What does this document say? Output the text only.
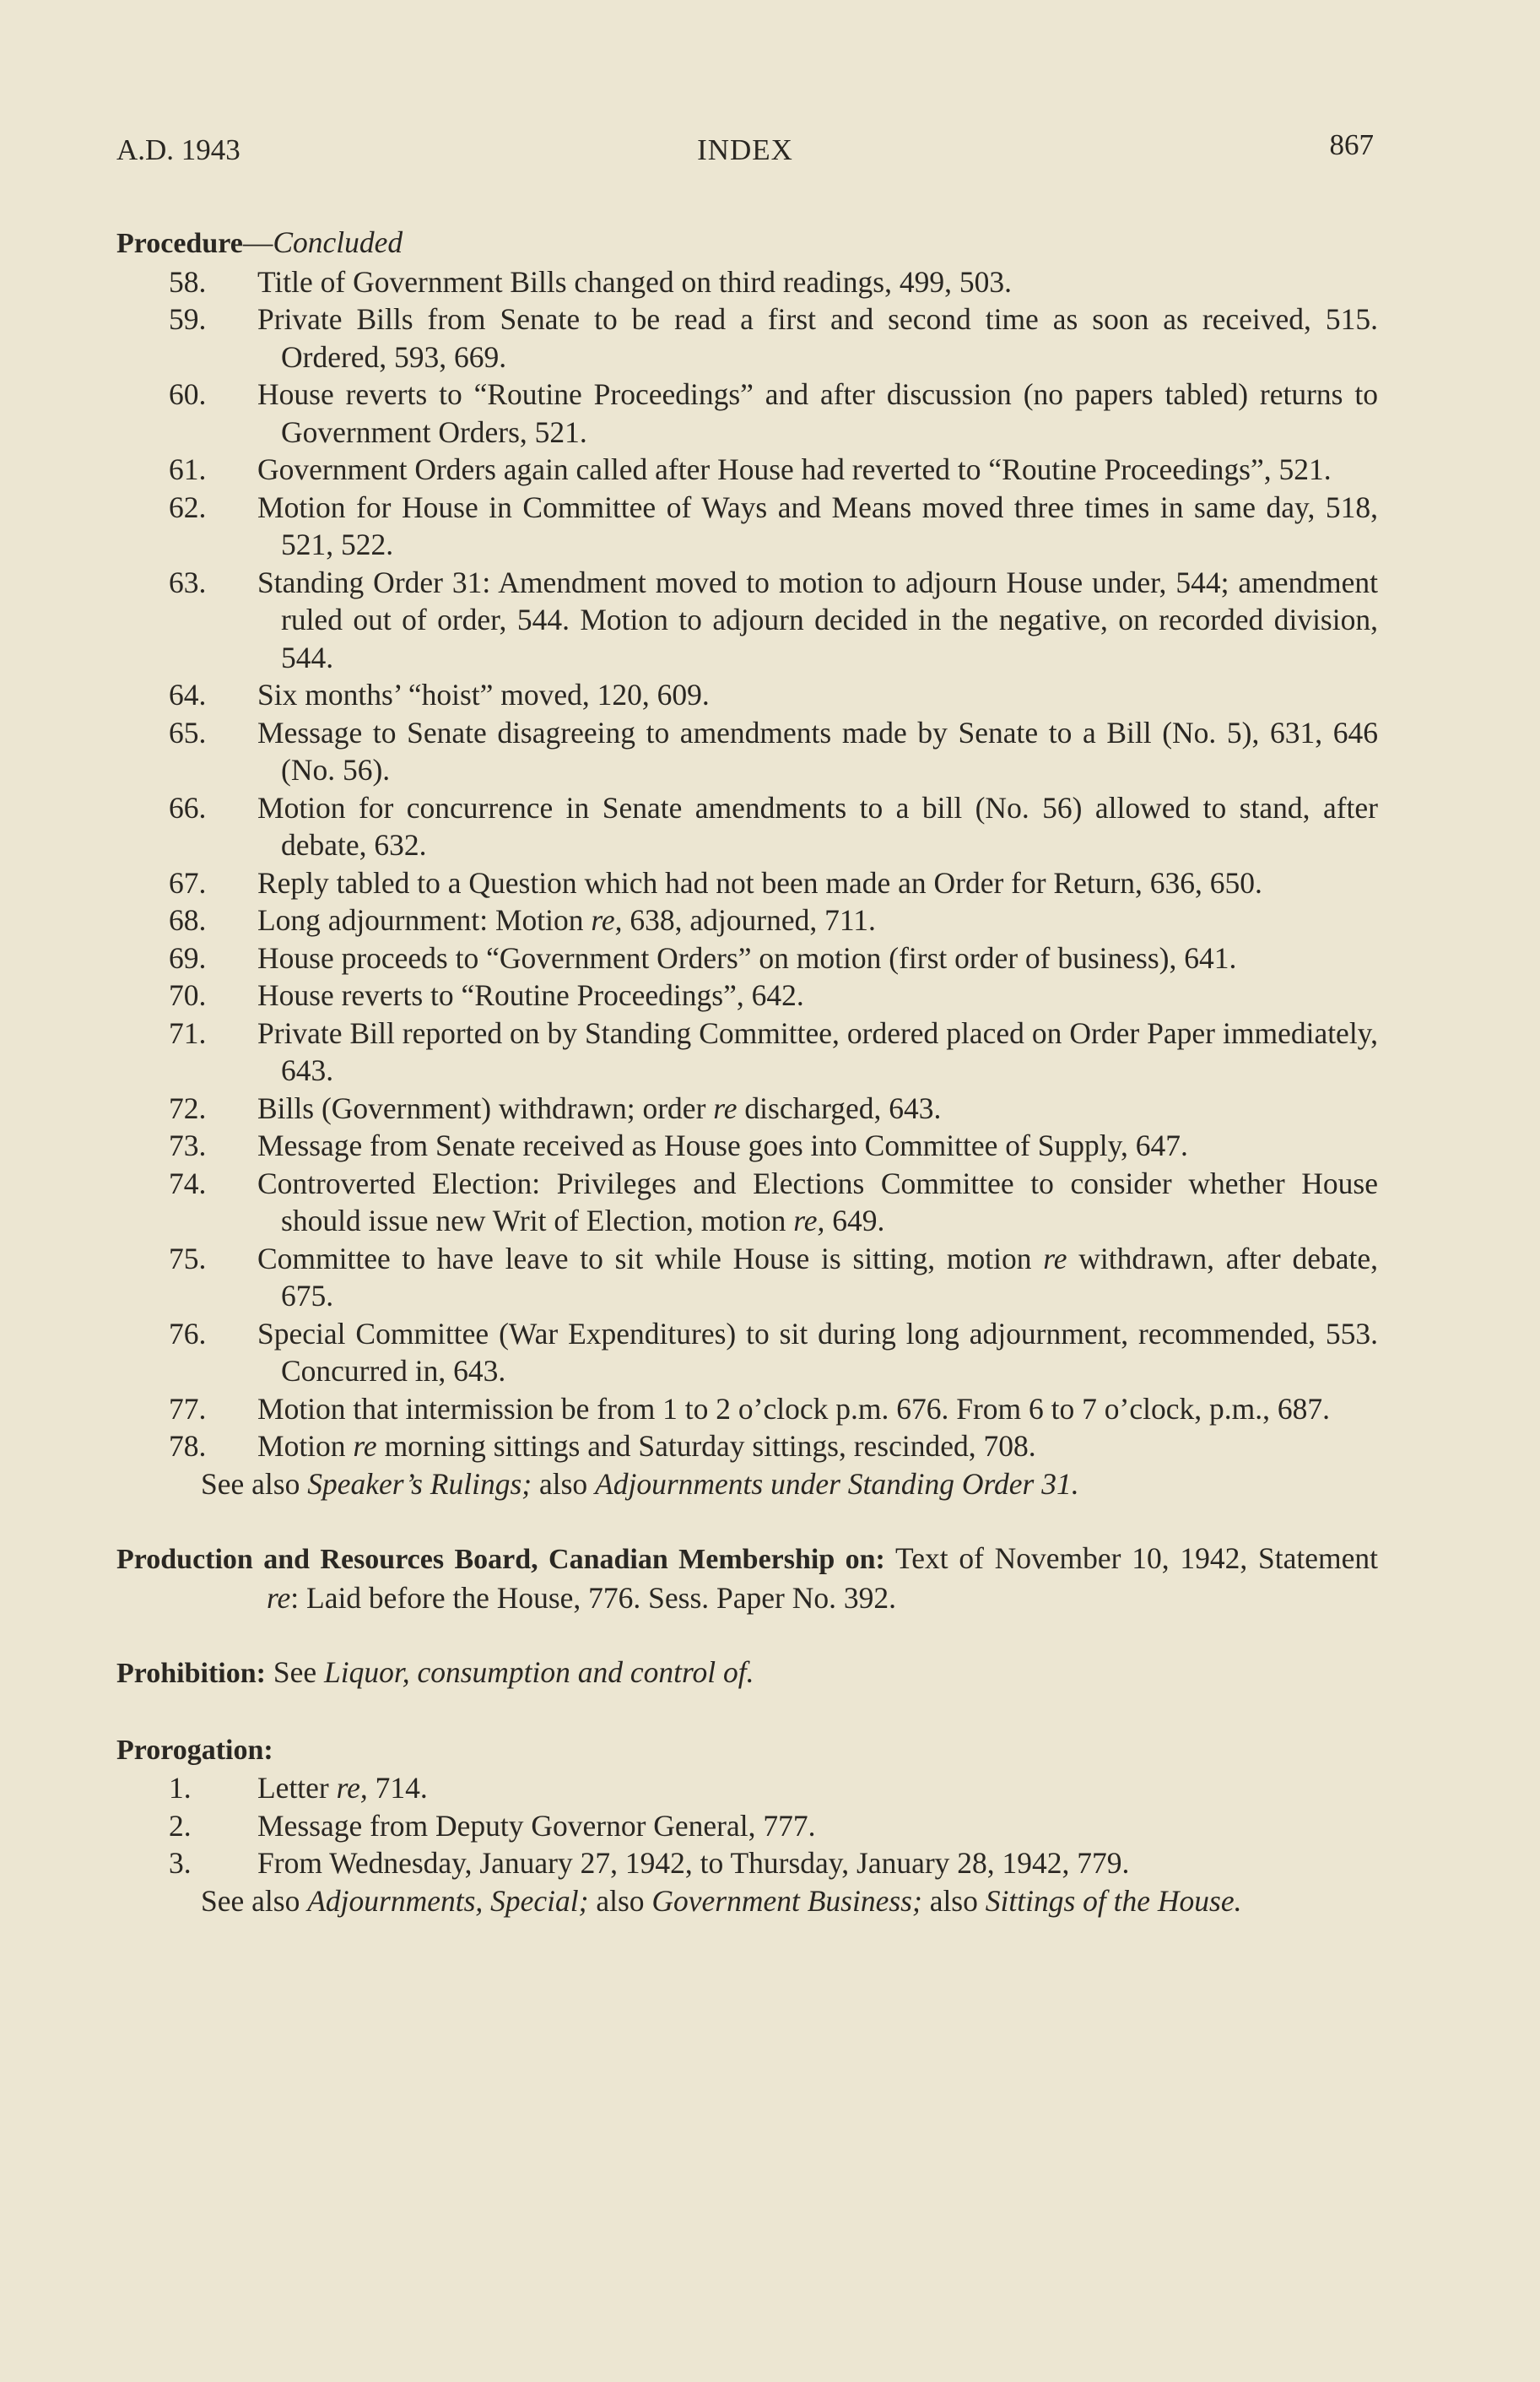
A.D. 1943	INDEX	867

Procedure—Concluded

58.	Title of Government Bills changed on third readings, 499, 503.
59.	Private Bills from Senate to be read a first and second time as soon as received, 515. Ordered, 593, 669.
60.	House reverts to “Routine Proceedings” and after discussion (no papers tabled) returns to Government Orders, 521.
61.	Government Orders again called after House had reverted to “Routine Proceedings”, 521.
62.	Motion for House in Committee of Ways and Means moved three times in same day, 518, 521, 522.
63.	Standing Order 31: Amendment moved to motion to adjourn House under, 544; amendment ruled out of order, 544. Motion to adjourn decided in the negative, on recorded division, 544.
64.	Six months’ “hoist” moved, 120, 609.
65.	Message to Senate disagreeing to amendments made by Senate to a Bill (No. 5), 631, 646 (No. 56).
66.	Motion for concurrence in Senate amendments to a bill (No. 56) allowed to stand, after debate, 632.
67.	Reply tabled to a Question which had not been made an Order for Return, 636, 650.
68.	Long adjournment: Motion re, 638, adjourned, 711.
69.	House proceeds to “Government Orders” on motion (first order of business), 641.
70.	House reverts to “Routine Proceedings”, 642.
71.	Private Bill reported on by Standing Committee, ordered placed on Order Paper immediately, 643.
72.	Bills (Government) withdrawn; order re discharged, 643.
73.	Message from Senate received as House goes into Committee of Supply, 647.
74.	Controverted Election: Privileges and Elections Committee to consider whether House should issue new Writ of Election, motion re, 649.
75.	Committee to have leave to sit while House is sitting, motion re withdrawn, after debate, 675.
76.	Special Committee (War Expenditures) to sit during long adjournment, recommended, 553. Concurred in, 643.
77.	Motion that intermission be from 1 to 2 o’clock p.m. 676. From 6 to 7 o’clock, p.m., 687.
78.	Motion re morning sittings and Saturday sittings, rescinded, 708.

See also Speaker’s Rulings; also Adjournments under Standing Order 31.

Production and Resources Board, Canadian Membership on: Text of November 10, 1942, Statement re: Laid before the House, 776. Sess. Paper No. 392.

Prohibition: See Liquor, consumption and control of.

Prorogation:

1.	Letter re, 714.
2.	Message from Deputy Governor General, 777.
3.	From Wednesday, January 27, 1942, to Thursday, January 28, 1942, 779.

See also Adjournments, Special; also Government Business; also Sittings of the House.
